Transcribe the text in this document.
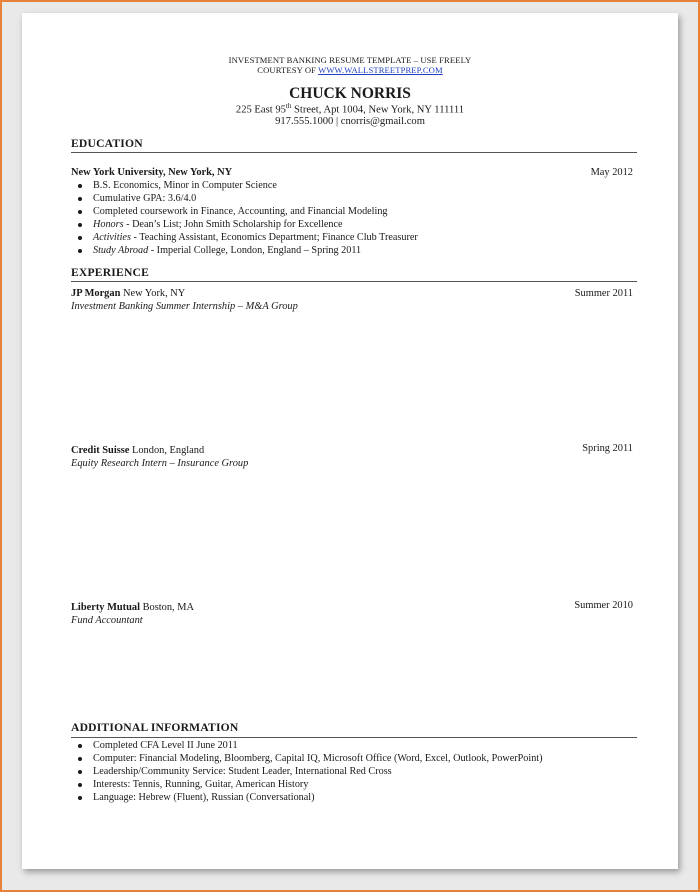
INVESTMENT BANKING RESUME TEMPLATE – USE FREELY
COURTESY OF WWW.WALLSTREETPREP.COM
CHUCK NORRIS
225 East 95th Street, Apt 1004, New York, NY 111111
917.555.1000 | cnorris@gmail.com
EDUCATION
New York University, New York, NY	May 2012
B.S. Economics, Minor in Computer Science
Cumulative GPA: 3.6/4.0
Completed coursework in Finance, Accounting, and Financial Modeling
Honors - Dean’s List; John Smith Scholarship for Excellence
Activities - Teaching Assistant, Economics Department; Finance Club Treasurer
Study Abroad - Imperial College, London, England – Spring 2011
EXPERIENCE
JP Morgan New York, NY	Summer 2011
Investment Banking Summer Internship – M&A Group
Credit Suisse London, England	Spring 2011
Equity Research Intern – Insurance Group
Liberty Mutual Boston, MA	Summer 2010
Fund Accountant
ADDITIONAL INFORMATION
Completed CFA Level II June 2011
Computer: Financial Modeling, Bloomberg, Capital IQ, Microsoft Office (Word, Excel, Outlook, PowerPoint)
Leadership/Community Service: Student Leader, International Red Cross
Interests: Tennis, Running, Guitar, American History
Language: Hebrew (Fluent), Russian (Conversational)
